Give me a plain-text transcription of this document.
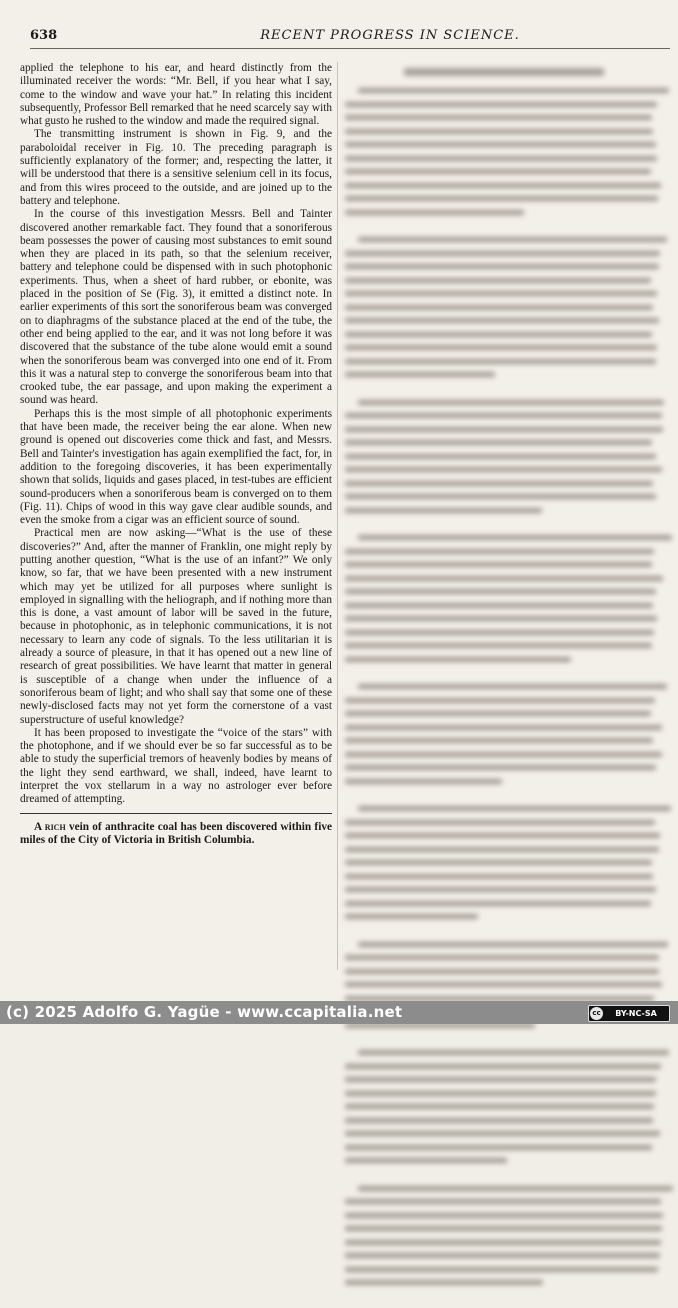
638	RECENT PROGRESS IN SCIENCE.

applied the telephone to his ear, and heard distinctly from the illuminated receiver the words: “Mr. Bell, if you hear what I say, come to the window and wave your hat.” In relating this incident subsequently, Professor Bell remarked that he need scarcely say with what gusto he rushed to the window and made the required signal.

The transmitting instrument is shown in Fig. 9, and the paraboloidal receiver in Fig. 10. The preceding paragraph is sufficiently explanatory of the former; and, respecting the latter, it will be understood that there is a sensitive selenium cell in its focus, and from this wires proceed to the outside, and are joined up to the battery and telephone.

In the course of this investigation Messrs. Bell and Tainter discovered another remarkable fact. They found that a sonoriferous beam possesses the power of causing most substances to emit sound when they are placed in its path, so that the selenium receiver, battery and telephone could be dispensed with in such photophonic experiments. Thus, when a sheet of hard rubber, or ebonite, was placed in the position of Se (Fig. 3), it emitted a distinct note. In earlier experiments of this sort the sonoriferous beam was converged on to diaphragms of the substance placed at the end of the tube, the other end being applied to the ear, and it was not long before it was discovered that the substance of the tube alone would emit a sound when the sonoriferous beam was converged into one end of it. From this it was a natural step to converge the sonoriferous beam into that crooked tube, the ear passage, and upon making the experiment a sound was heard.

Perhaps this is the most simple of all photophonic experiments that have been made, the receiver being the ear alone. When new ground is opened out discoveries come thick and fast, and Messrs. Bell and Tainter's investigation has again exemplified the fact, for, in addition to the foregoing discoveries, it has been experimentally shown that solids, liquids and gases placed, in test-tubes are efficient sound-producers when a sonoriferous beam is converged on to them (Fig. 11). Chips of wood in this way gave clear audible sounds, and even the smoke from a cigar was an efficient source of sound.

Practical men are now asking—“What is the use of these discoveries?” And, after the manner of Franklin, one might reply by putting another question, “What is the use of an infant?” We only know, so far, that we have been presented with a new instrument which may yet be utilized for all purposes where sunlight is employed in signalling with the heliograph, and if nothing more than this is done, a vast amount of labor will be saved in the future, because in photophonic, as in telephonic communications, it is not necessary to learn any code of signals. To the less utilitarian it is already a source of pleasure, in that it has opened out a new line of research of great possibilities. We have learnt that matter in general is susceptible of a change when under the influence of a sonoriferous beam of light; and who shall say that some one of these newly-disclosed facts may not yet form the cornerstone of a vast superstructure of useful knowledge?

It has been proposed to investigate the “voice of the stars” with the photophone, and if we should ever be so far successful as to be able to study the superficial tremors of heavenly bodies by means of the light they send earthward, we shall, indeed, have learnt to interpret the vox stellarum in a way no astrologer ever before dreamed of attempting.

A rich vein of anthracite coal has been discovered within five miles of the City of Victoria in British Columbia.

(c) 2025 Adolfo G. Yagüe - www.ccapitalia.net	cc	BY-NC-SA
